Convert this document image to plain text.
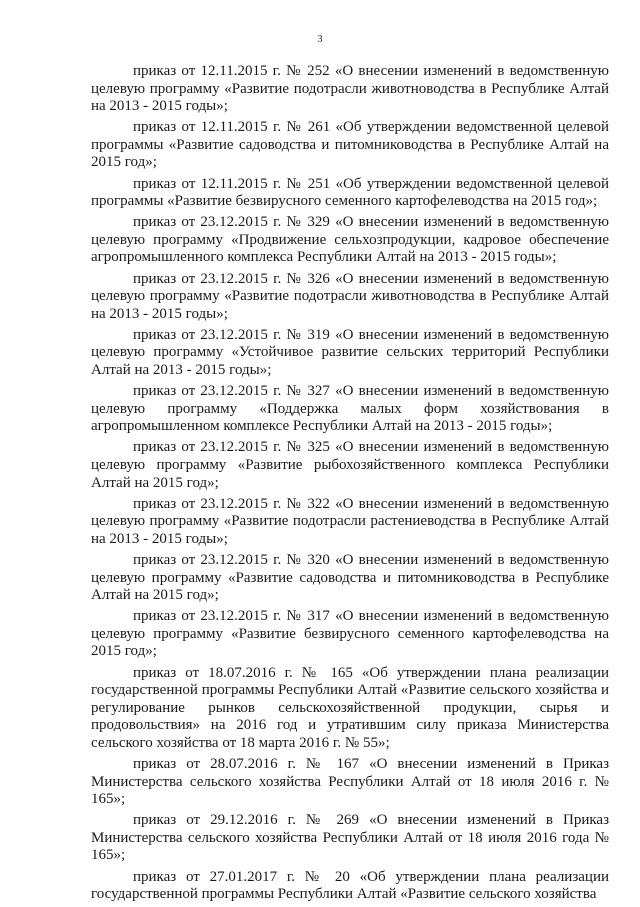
3

приказ от 12.11.2015 г. № 252 «О внесении изменений в ведомственную целевую программу «Развитие подотрасли животноводства в Республике Алтай на 2013 - 2015 годы»;

приказ от 12.11.2015 г. № 261 «Об утверждении ведомственной целевой программы «Развитие садоводства и питомниководства в Республике Алтай на 2015 год»;

приказ от 12.11.2015 г. № 251 «Об утверждении ведомственной целевой программы «Развитие безвирусного семенного картофелеводства на 2015 год»;

приказ от 23.12.2015 г. № 329 «О внесении изменений в ведомственную целевую программу «Продвижение сельхозпродукции, кадровое обеспечение агропромышленного комплекса Республики Алтай на 2013 - 2015 годы»;

приказ от 23.12.2015 г. № 326 «О внесении изменений в ведомственную целевую программу «Развитие подотрасли животноводства в Республике Алтай на 2013 - 2015 годы»;

приказ от 23.12.2015 г. № 319 «О внесении изменений в ведомственную целевую программу «Устойчивое развитие сельских территорий Республики Алтай на 2013 - 2015 годы»;

приказ от 23.12.2015 г. № 327 «О внесении изменений в ведомственную целевую программу «Поддержка малых форм хозяйствования в агропромышленном комплексе Республики Алтай на 2013 - 2015 годы»;

приказ от 23.12.2015 г. № 325 «О внесении изменений в ведомственную целевую программу «Развитие рыбохозяйственного комплекса Республики Алтай на 2015 год»;

приказ от 23.12.2015 г. № 322 «О внесении изменений в ведомственную целевую программу «Развитие подотрасли растениеводства в Республике Алтай на 2013 - 2015 годы»;

приказ от 23.12.2015 г. № 320 «О внесении изменений в ведомственную целевую программу «Развитие садоводства и питомниководства в Республике Алтай на 2015 год»;

приказ от 23.12.2015 г. № 317 «О внесении изменений в ведомственную целевую программу «Развитие безвирусного семенного картофелеводства на 2015 год»;

приказ от 18.07.2016 г. № 165 «Об утверждении плана реализации государственной программы Республики Алтай «Развитие сельского хозяйства и регулирование рынков сельскохозяйственной продукции, сырья и продовольствия» на 2016 год и утратившим силу приказа Министерства сельского хозяйства от 18 марта 2016 г. № 55»;

приказ от 28.07.2016 г. № 167 «О внесении изменений в Приказ Министерства сельского хозяйства Республики Алтай от 18 июля 2016 г. № 165»;

приказ от 29.12.2016 г. № 269 «О внесении изменений в Приказ Министерства сельского хозяйства Республики Алтай от 18 июля 2016 года № 165»;

приказ от 27.01.2017 г. № 20 «Об утверждении плана реализации государственной программы Республики Алтай «Развитие сельского хозяйства
